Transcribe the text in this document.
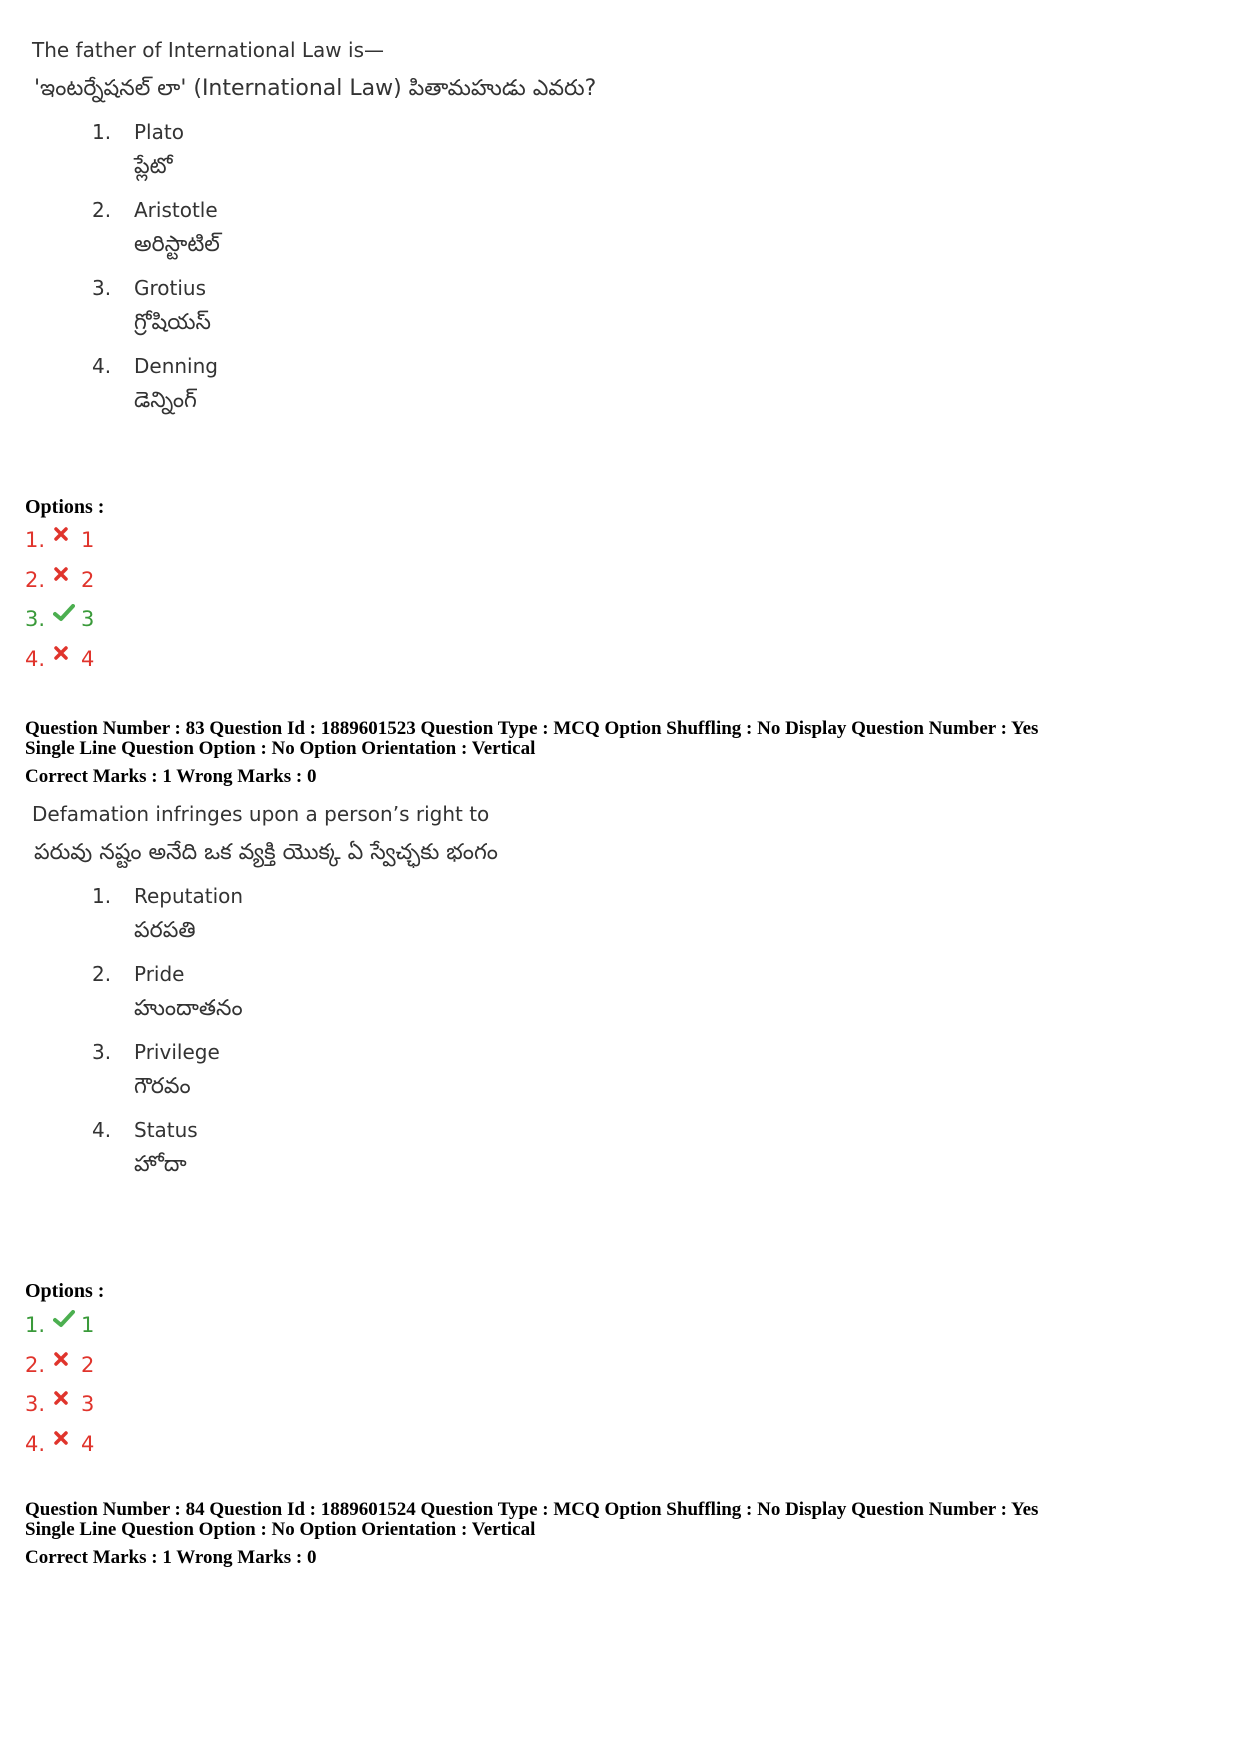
The father of International Law is—
'ఇంటర్నేషనల్ లా' (International Law) పితామహుడు ఎవరు?
1.	Plato
ప్లేటో
2.	Aristotle
అరిస్టాటిల్
3.	Grotius
గ్రోషియస్
4.	Denning
డెన్నింగ్
Options :
1.	1
2.	2
3.	3
4.	4
Question Number : 83 Question Id : 1889601523 Question Type : MCQ Option Shuffling : No Display Question Number : Yes
Single Line Question Option : No Option Orientation : Vertical
Correct Marks : 1 Wrong Marks : 0
Defamation infringes upon a person’s right to
పరువు నష్టం అనేది ఒక వ్యక్తి యొక్క ఏ స్వేచ్ఛకు భంగం
1.	Reputation
పరపతి
2.	Pride
హుందాతనం
3.	Privilege
గౌరవం
4.	Status
హోదా
Options :
1.	1
2.	2
3.	3
4.	4
Question Number : 84 Question Id : 1889601524 Question Type : MCQ Option Shuffling : No Display Question Number : Yes
Single Line Question Option : No Option Orientation : Vertical
Correct Marks : 1 Wrong Marks : 0
